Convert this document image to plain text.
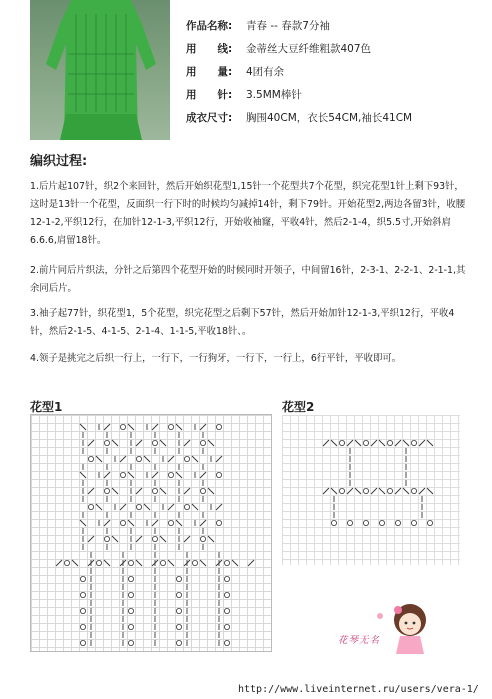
作品名称:	青春 -- 春款7分袖
用　　线:	金蒂丝大豆纤维粗款407色
用　　量:	4团有余
用　　针:	3.5MM棒针
成衣尺寸:	胸围40CM，衣长54CM,袖长41CM
编织过程:

1.后片起107针，织2个来回针，然后开始织花型1,15针一个花型共7个花型，织完花型1针上剩下93针，这时是13针一个花型，反面织一行下时的时候均匀减掉14针，剩下79针。开始花型2,两边各留3针，收腰12-1-2,平织12行，在加针12-1-3,平织12行，开始收袖窿，平收4针，然后2-1-4，织5.5寸,开始斜肩6.6.6,肩留18针。

2.前片同后片织法，分针之后第四个花型开始的时候同时开领子，中间留16针，2-3-1、2-2-1、2-1-1,其余同后片。

3.袖子起77针，织花型1，5个花型，织完花型之后剩下57针，然后开始加针12-1-3,平织12行，平收4针，然后2-1-5、4-1-5、2-1-4、1-1-5,平收18针、。

4.领子是挑完之后织一行上，一行下，一行狗牙，一行下，一行上，6行平针，平收即可。

花型1	花型2
花琴无名
http://www.liveinternet.ru/users/vera-1/
